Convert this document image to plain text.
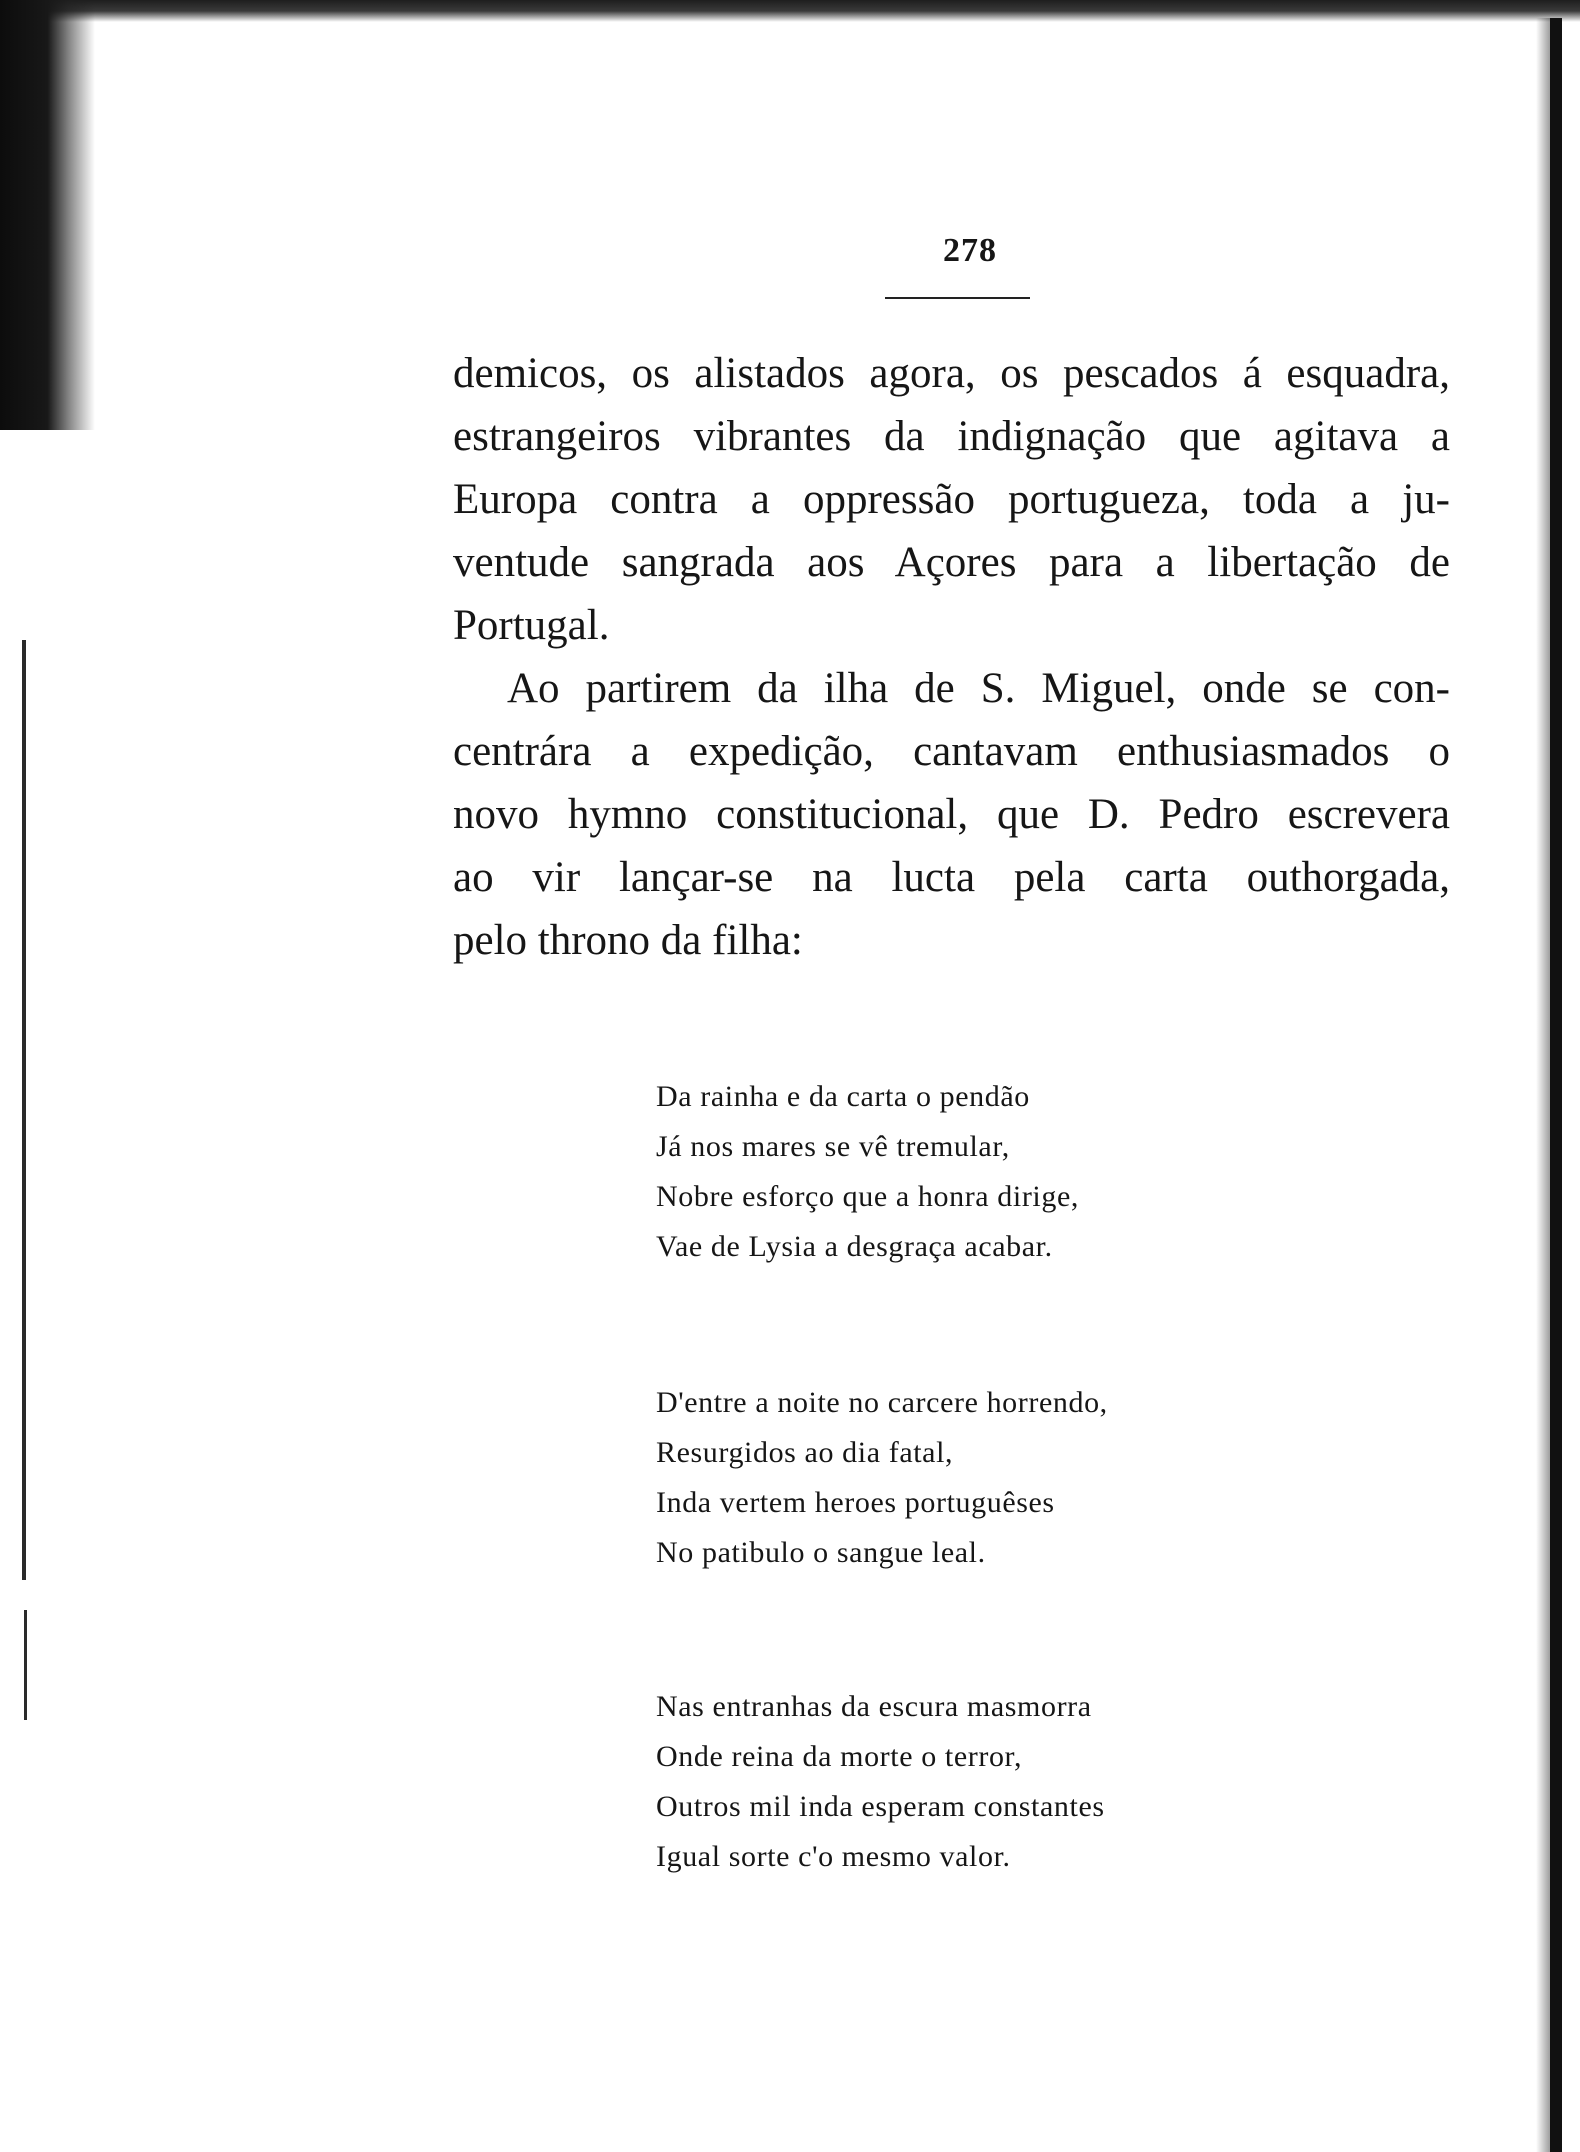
278

demicos, os alistados agora, os pescados á esquadra,
estrangeiros vibrantes da indignação que agitava a
Europa contra a oppressão portugueza, toda a ju-
ventude sangrada aos Açores para a libertação de
Portugal.

Ao partirem da ilha de S. Miguel, onde se con-
centrára a expedição, cantavam enthusiasmados o
novo hymno constitucional, que D. Pedro escrevera
ao vir lançar-se na lucta pela carta outhorgada,
pelo throno da filha:

Da rainha e da carta o pendão
Já nos mares se vê tremular,
Nobre esforço que a honra dirige,
Vae de Lysia a desgraça acabar.
D'entre a noite no carcere horrendo,
Resurgidos ao dia fatal,
Inda vertem heroes portuguêses
No patibulo o sangue leal.
Nas entranhas da escura masmorra
Onde reina da morte o terror,
Outros mil inda esperam constantes
Igual sorte c'o mesmo valor.
